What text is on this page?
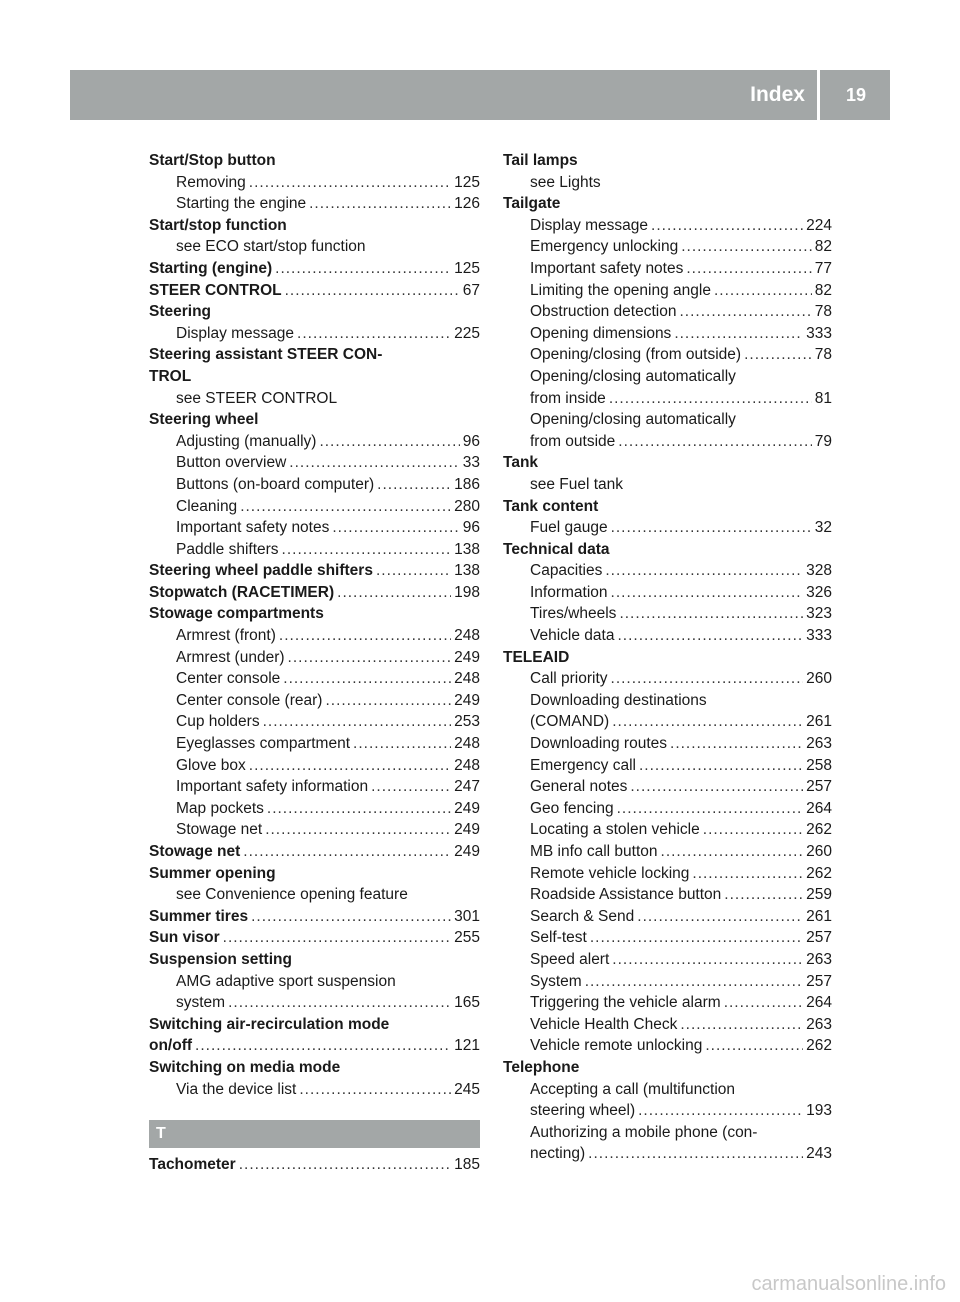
Index	19
Start/Stop button
Removing .....	125
Starting the engine .....	126
Start/stop function
see ECO start/stop function
Starting (engine) .....	125
STEER CONTROL .....	67
Steering
Display message .....	225
Steering assistant STEER CON-
TROL
see STEER CONTROL
Steering wheel
Adjusting (manually) .....	96
Button overview .....	33
Buttons (on-board computer) .....	186
Cleaning .....	280
Important safety notes .....	96
Paddle shifters .....	138
Steering wheel paddle shifters .....	138
Stopwatch (RACETIMER) .....	198
Stowage compartments
Armrest (front) .....	248
Armrest (under) .....	249
Center console .....	248
Center console (rear) .....	249
Cup holders .....	253
Eyeglasses compartment .....	248
Glove box .....	248
Important safety information .....	247
Map pockets .....	249
Stowage net .....	249
Stowage net .....	249
Summer opening
see Convenience opening feature
Summer tires .....	301
Sun visor .....	255
Suspension setting
AMG adaptive sport suspension
system .....	165
Switching air-recirculation mode
on/off .....	121
Switching on media mode
Via the device list .....	245
T
Tachometer .....	185
Tail lamps
see Lights
Tailgate
Display message .....	224
Emergency unlocking .....	82
Important safety notes .....	77
Limiting the opening angle .....	82
Obstruction detection .....	78
Opening dimensions .....	333
Opening/closing (from outside) .....	78
Opening/closing automatically
from inside .....	81
Opening/closing automatically
from outside .....	79
Tank
see Fuel tank
Tank content
Fuel gauge .....	32
Technical data
Capacities .....	328
Information .....	326
Tires/wheels .....	323
Vehicle data .....	333
TELEAID
Call priority .....	260
Downloading destinations
(COMAND) .....	261
Downloading routes .....	263
Emergency call .....	258
General notes .....	257
Geo fencing .....	264
Locating a stolen vehicle .....	262
MB info call button .....	260
Remote vehicle locking .....	262
Roadside Assistance button .....	259
Search & Send .....	261
Self-test .....	257
Speed alert .....	263
System .....	257
Triggering the vehicle alarm .....	264
Vehicle Health Check .....	263
Vehicle remote unlocking .....	262
Telephone
Accepting a call (multifunction
steering wheel) .....	193
Authorizing a mobile phone (con-
necting) .....	243
carmanualsonline.info
